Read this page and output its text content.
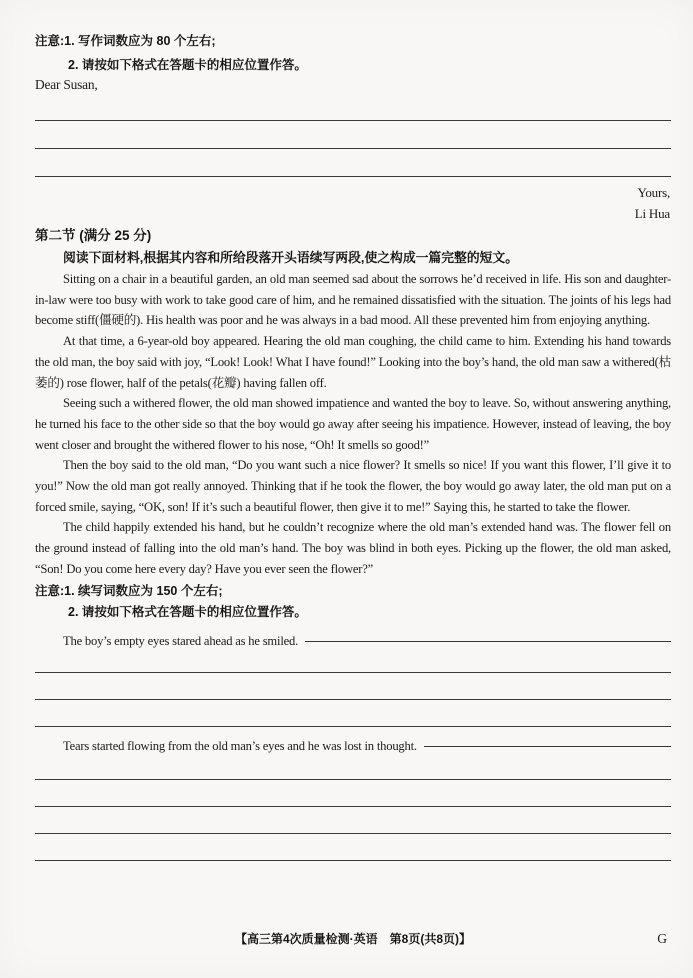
注意:1. 写作词数应为 80 个左右;
2. 请按如下格式在答题卡的相应位置作答。
Dear Susan,
Yours,
Li Hua
第二节 (满分 25 分)
阅读下面材料,根据其内容和所给段落开头语续写两段,使之构成一篇完整的短文。

Sitting on a chair in a beautiful garden, an old man seemed sad about the sorrows he’d received in life. His son and daughter-in-law were too busy with work to take good care of him, and he remained dissatisfied with the situation. The joints of his legs had become stiff(僵硬的). His health was poor and he was always in a bad mood. All these prevented him from enjoying anything.

At that time, a 6-year-old boy appeared. Hearing the old man coughing, the child came to him. Extending his hand towards the old man, the boy said with joy, “Look! Look! What I have found!” Looking into the boy’s hand, the old man saw a withered(枯萎的) rose flower, half of the petals(花瓣) having fallen off.

Seeing such a withered flower, the old man showed impatience and wanted the boy to leave. So, without answering anything, he turned his face to the other side so that the boy would go away after seeing his impatience. However, instead of leaving, the boy went closer and brought the withered flower to his nose, “Oh! It smells so good!”

Then the boy said to the old man, “Do you want such a nice flower? It smells so nice! If you want this flower, I’ll give it to you!” Now the old man got really annoyed. Thinking that if he took the flower, the boy would go away later, the old man put on a forced smile, saying, “OK, son! If it’s such a beautiful flower, then give it to me!” Saying this, he started to take the flower.

The child happily extended his hand, but he couldn’t recognize where the old man’s extended hand was. The flower fell on the ground instead of falling into the old man’s hand. The boy was blind in both eyes. Picking up the flower, the old man asked, “Son! Do you come here every day? Have you ever seen the flower?”

注意:1. 续写词数应为 150 个左右;
2. 请按如下格式在答题卡的相应位置作答。
The boy’s empty eyes stared ahead as he smiled.
Tears started flowing from the old man’s eyes and he was lost in thought.
【高三第4次质量检测·英语　第8页(共8页)】	G
